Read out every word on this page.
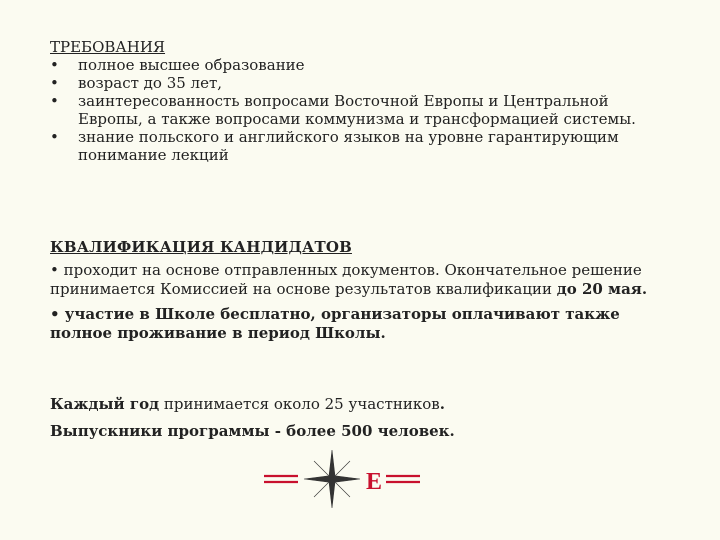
ТРЕБОВАНИЯ
• полное высшее образование
• возраст до 35 лет,
• заинтересованность вопросами Восточной Европы и Центральной Европы, а также вопросами коммунизма и трансформацией системы.
• знание польского и английского языков на уровне гарантирующим понимание лекций
КВАЛИФИКАЦИЯ КАНДИДАТОВ

• проходит на основе отправленных документов. Окончательное решение принимается Комиссией на основе результатов квалификации до 20 мая.

• участие в Школе бесплатно, организаторы оплачивают также полное проживание в период Школы.

Каждый год принимается около 25 участников.

Выпускники программы - более 500 человек.

E
